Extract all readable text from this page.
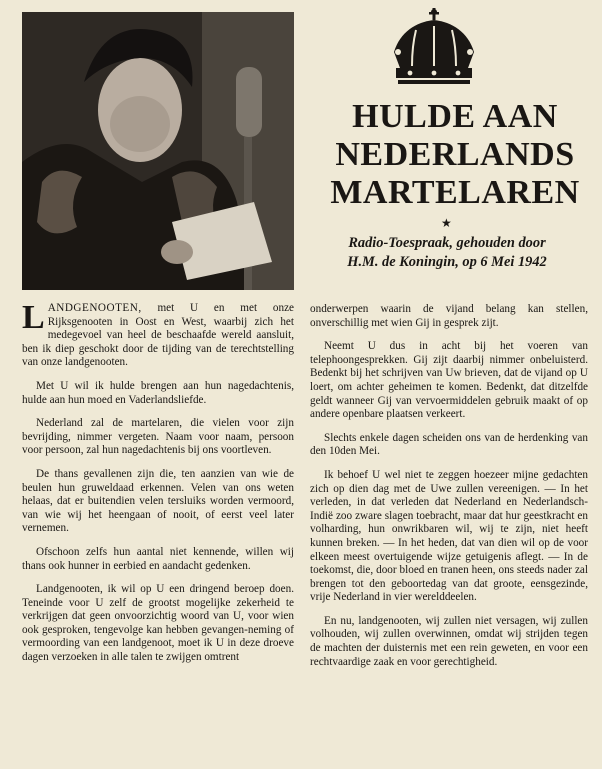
HULDE AAN
NEDERLANDS
MARTELAREN
★

Radio-Toespraak, gehouden door
H.M. de Koningin, op 6 Mei 1942

LANDGENOOTEN, met U en met onze Rijksgenooten in Oost en West, waarbij zich het medegevoel van heel de beschaafde wereld aansluit, ben ik diep geschokt door de tijding van de terechtstelling van onze landgenooten.

Met U wil ik hulde brengen aan hun nagedachtenis, hulde aan hun moed en Vaderlandsliefde.

Nederland zal de martelaren, die vielen voor zijn bevrijding, nimmer vergeten. Naam voor naam, persoon voor persoon, zal hun nagedachtenis bij ons voortleven.

De thans gevallenen zijn die, ten aanzien van wie de beulen hun gruweldaad erkennen. Velen van ons weten helaas, dat er buitendien velen tersluiks worden vermoord, van wie wij het heengaan of nooit, of eerst veel later vernemen.

Ofschoon zelfs hun aantal niet kennende, willen wij thans ook hunner in eerbied en aandacht gedenken.

Landgenooten, ik wil op U een dringend beroep doen. Teneinde voor U zelf de grootst mogelijke zekerheid te verkrijgen dat geen onvoorzichtig woord van U, voor wien ook gesproken, tengevolge kan hebben gevangen-neming of vermoording van een landgenoot, moet ik U in deze droeve dagen verzoeken in alle talen te zwijgen omtrent

onderwerpen waarin de vijand belang kan stellen, onverschillig met wien Gij in gesprek zijt.

Neemt U dus in acht bij het voeren van telephoongesprekken. Gij zijt daarbij nimmer onbeluisterd. Bedenkt bij het schrijven van Uw brieven, dat de vijand op U loert, om achter geheimen te komen. Bedenkt, dat ditzelfde geldt wanneer Gij van vervoermiddelen gebruik maakt of op andere openbare plaatsen verkeert.

Slechts enkele dagen scheiden ons van de herdenking van den 10den Mei.

Ik behoef U wel niet te zeggen hoezeer mijne gedachten zich op dien dag met de Uwe zullen vereenigen. — In het verleden, in dat verleden dat Nederland en Nederlandsch-Indië zoo zware slagen toebracht, maar dat hur geestkracht en volharding, hun onwrikbaren wil, wij te zijn, niet heeft kunnen breken. — In het heden, dat van dien wil op de voor elkeen meest overtuigende wijze getuigenis aflegt. — In de toekomst, die, door bloed en tranen heen, ons steeds nader zal brengen tot den geboortedag van dat groote, eensgezinde, vrije Nederland in vier werelddeelen.

En nu, landgenooten, wij zullen niet versagen, wij zullen volhouden, wij zullen overwinnen, omdat wij strijden tegen de machten der duisternis met een rein geweten, en voor een rechtvaardige zaak en voor gerechtigheid.
